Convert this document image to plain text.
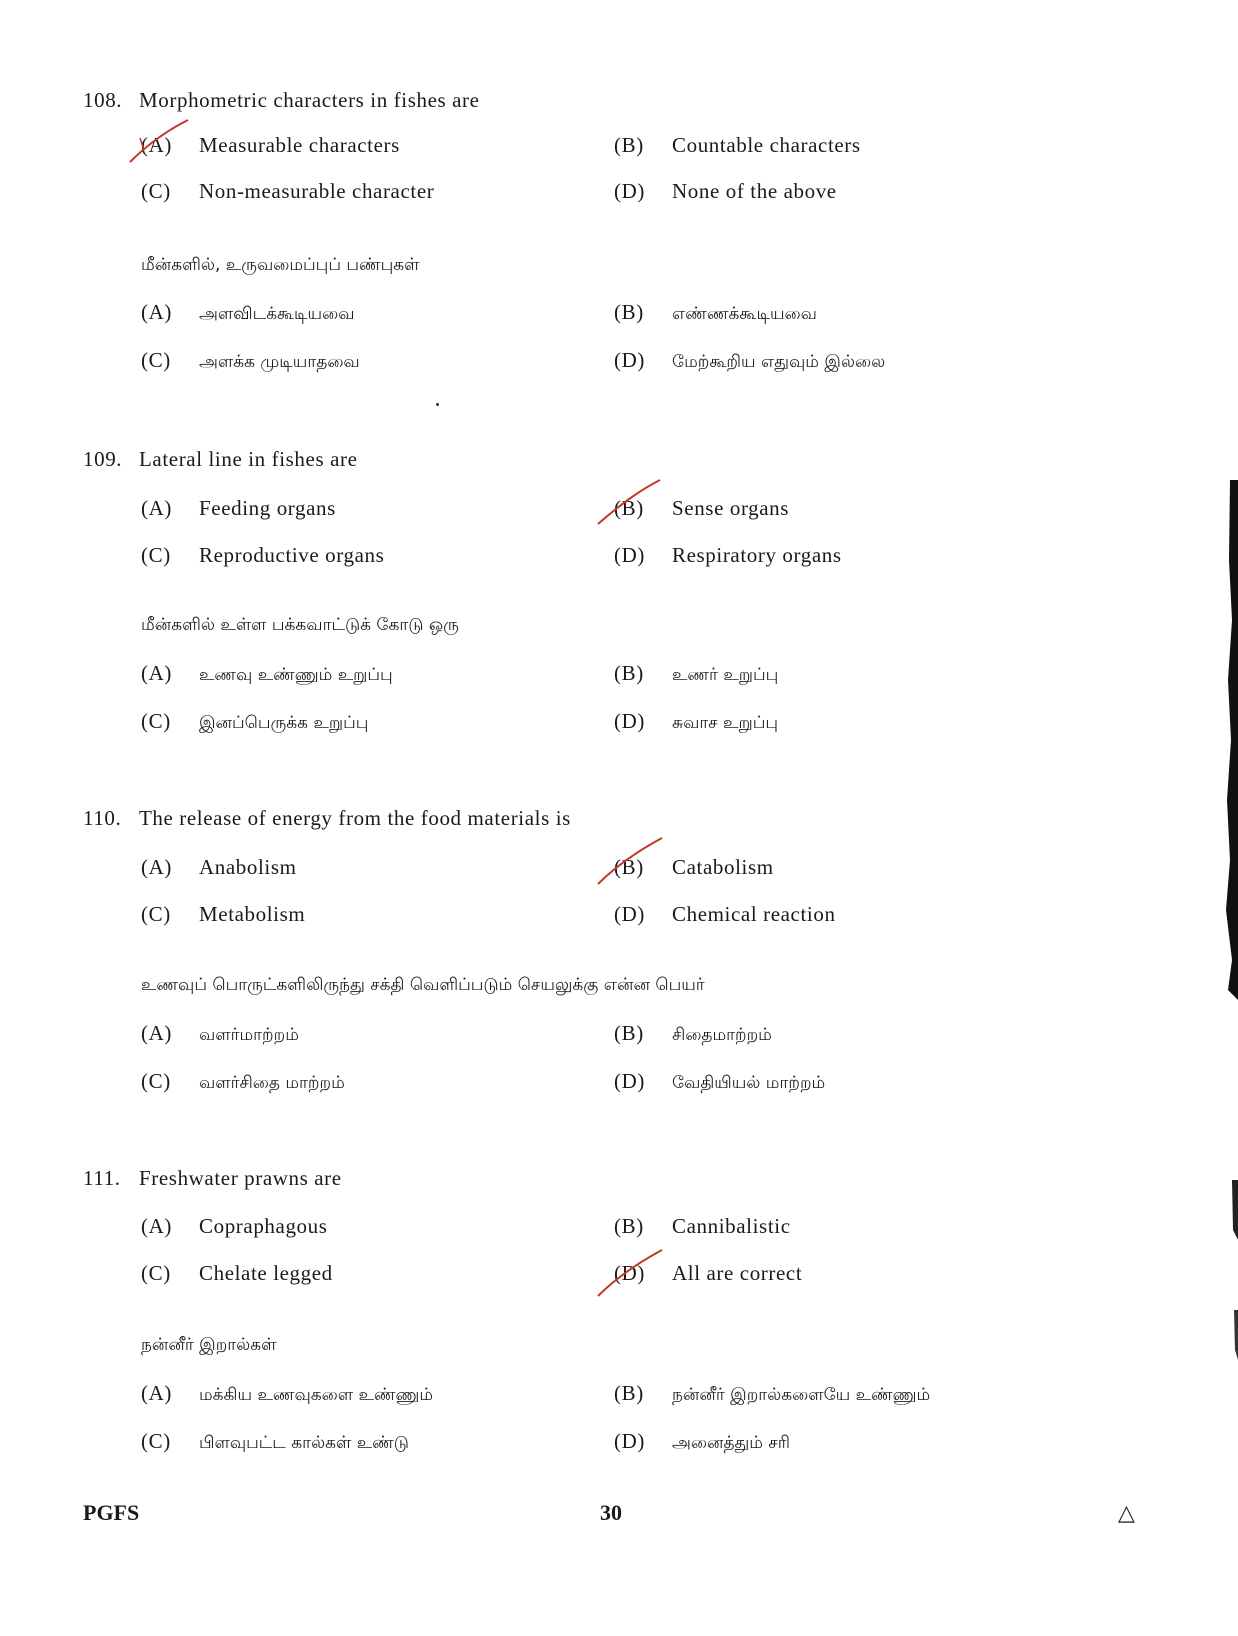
108. Morphometric characters in fishes are
(A) Measurable characters	(B) Countable characters
(C) Non-measurable character	(D) None of the above
மீன்களில், உருவமைப்புப் பண்புகள்
(A) அளவிடக்கூடியவை	(B) எண்ணக்கூடியவை
(C) அளக்க முடியாதவை	(D) மேற்கூறிய எதுவும் இல்லை
109. Lateral line in fishes are
(A) Feeding organs	(B) Sense organs
(C) Reproductive organs	(D) Respiratory organs
மீன்களில் உள்ள பக்கவாட்டுக் கோடு ஒரு
(A) உணவு உண்ணும் உறுப்பு	(B) உணர் உறுப்பு
(C) இனப்பெருக்க உறுப்பு	(D) சுவாச உறுப்பு
110. The release of energy from the food materials is
(A) Anabolism	(B) Catabolism
(C) Metabolism	(D) Chemical reaction
உணவுப் பொருட்களிலிருந்து சக்தி வெளிப்படும் செயலுக்கு என்ன பெயர்
(A) வளர்மாற்றம்	(B) சிதைமாற்றம்
(C) வளர்சிதை மாற்றம்	(D) வேதியியல் மாற்றம்
111. Freshwater prawns are
(A) Copraphagous	(B) Cannibalistic
(C) Chelate legged	(D) All are correct
நன்னீர் இறால்கள்
(A) மக்கிய உணவுகளை உண்ணும்	(B) நன்னீர் இறால்களையே உண்ணும்
(C) பிளவுபட்ட கால்கள் உண்டு	(D) அனைத்தும் சரி
PGFS	30	△
